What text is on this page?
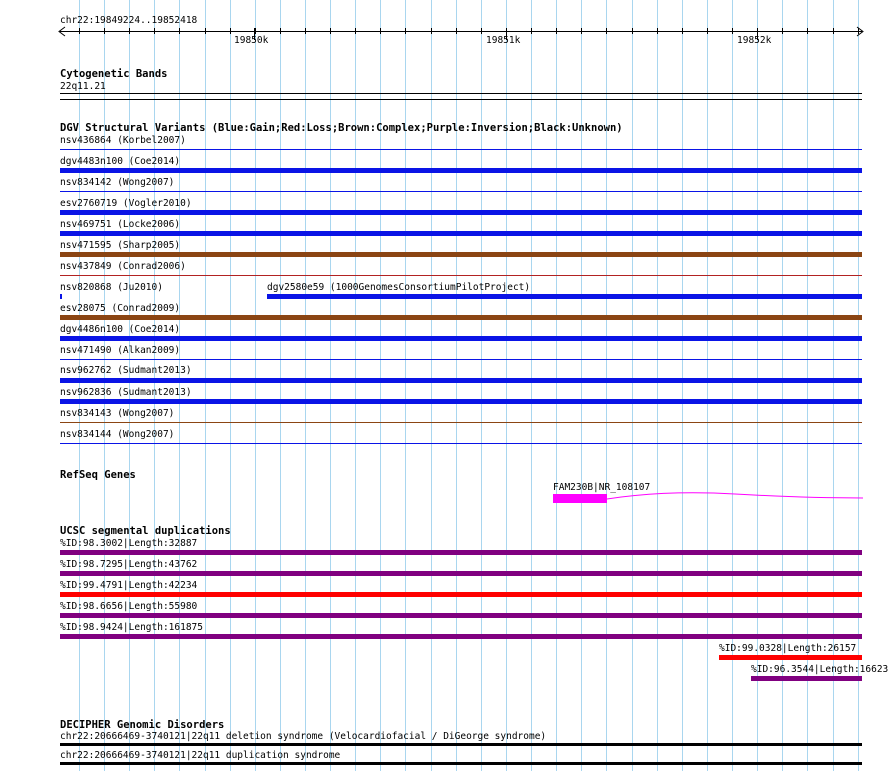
chr22:19849224..19852418
19850k	19851k	19852k
Cytogenetic Bands
22q11.21
DGV Structural Variants (Blue:Gain;Red:Loss;Brown:Complex;Purple:Inversion;Black:Unknown)
nsv436864 (Korbel2007)
dgv4483n100 (Coe2014)
nsv834142 (Wong2007)
esv2760719 (Vogler2010)
nsv469751 (Locke2006)
nsv471595 (Sharp2005)
nsv437849 (Conrad2006)
nsv820868 (Ju2010)	dgv2580e59 (1000GenomesConsortiumPilotProject)
esv28075 (Conrad2009)
dgv4486n100 (Coe2014)
nsv471490 (Alkan2009)
nsv962762 (Sudmant2013)
nsv962836 (Sudmant2013)
nsv834143 (Wong2007)
nsv834144 (Wong2007)
RefSeq Genes
FAM230B|NR_108107
UCSC segmental duplications
%ID:98.3002|Length:32887
%ID:98.7295|Length:43762
%ID:99.4791|Length:42234
%ID:98.6656|Length:55980
%ID:98.9424|Length:161875
%ID:99.0328|Length:26157
%ID:96.3544|Length:16623
DECIPHER Genomic Disorders
chr22:20666469-3740121|22q11 deletion syndrome (Velocardiofacial / DiGeorge syndrome)
chr22:20666469-3740121|22q11 duplication syndrome
